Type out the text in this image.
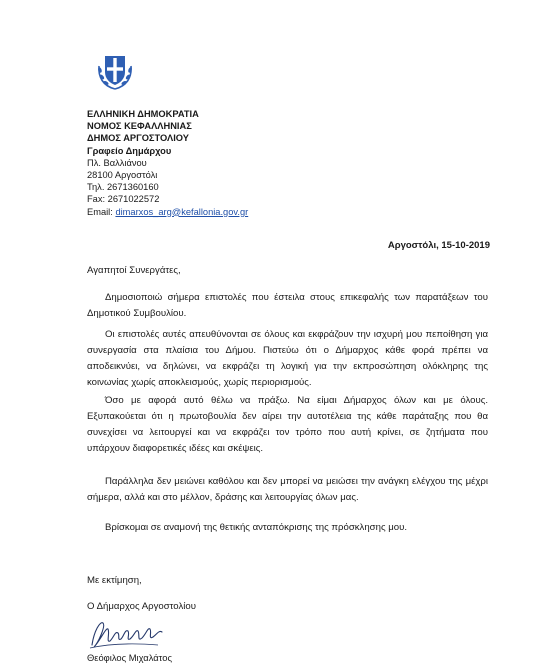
ΕΛΛΗΝΙΚΗ ΔΗΜΟΚΡΑΤΙΑ
ΝΟΜΟΣ ΚΕΦΑΛΛΗΝΙΑΣ
ΔΗΜΟΣ ΑΡΓΟΣΤΟΛΙΟΥ
Γραφείο Δημάρχου
Πλ. Βαλλιάνου
28100 Αργοστόλι
Τηλ. 2671360160
Fax: 2671022572
Email: dimarxos_arg@kefallonia.gov.gr
Αργοστόλι, 15-10-2019
Αγαπητοί Συνεργάτες,

Δημοσιοποιώ σήμερα επιστολές που έστειλα στους επικεφαλής των παρατάξεων του Δημοτικού Συμβουλίου.

Οι επιστολές αυτές απευθύνονται σε όλους και εκφράζουν την ισχυρή μου πεποίθηση για συνεργασία στα πλαίσια του Δήμου. Πιστεύω ότι ο Δήμαρχος κάθε φορά πρέπει να αποδεικνύει, να δηλώνει, να εκφράζει τη λογική για την εκπροσώπηση ολόκληρης της κοινωνίας χωρίς αποκλεισμούς, χωρίς περιορισμούς.

Όσο με αφορά αυτό θέλω να πράξω. Να είμαι Δήμαρχος όλων και με όλους. Εξυπακούεται ότι η πρωτοβουλία δεν αίρει την αυτοτέλεια της κάθε παράταξης που θα συνεχίσει να λειτουργεί και να εκφράζει τον τρόπο που αυτή κρίνει, σε ζητήματα που υπάρχουν διαφορετικές ιδέες και σκέψεις.

Παράλληλα δεν μειώνει καθόλου και δεν μπορεί να μειώσει την ανάγκη ελέγχου της μέχρι σήμερα, αλλά και στο μέλλον, δράσης και λειτουργίας όλων μας.

Βρίσκομαι σε αναμονή της θετικής ανταπόκρισης της πρόσκλησης μου.

Με εκτίμηση,
Ο Δήμαρχος Αργοστολίου
Θεόφιλος Μιχαλάτος
